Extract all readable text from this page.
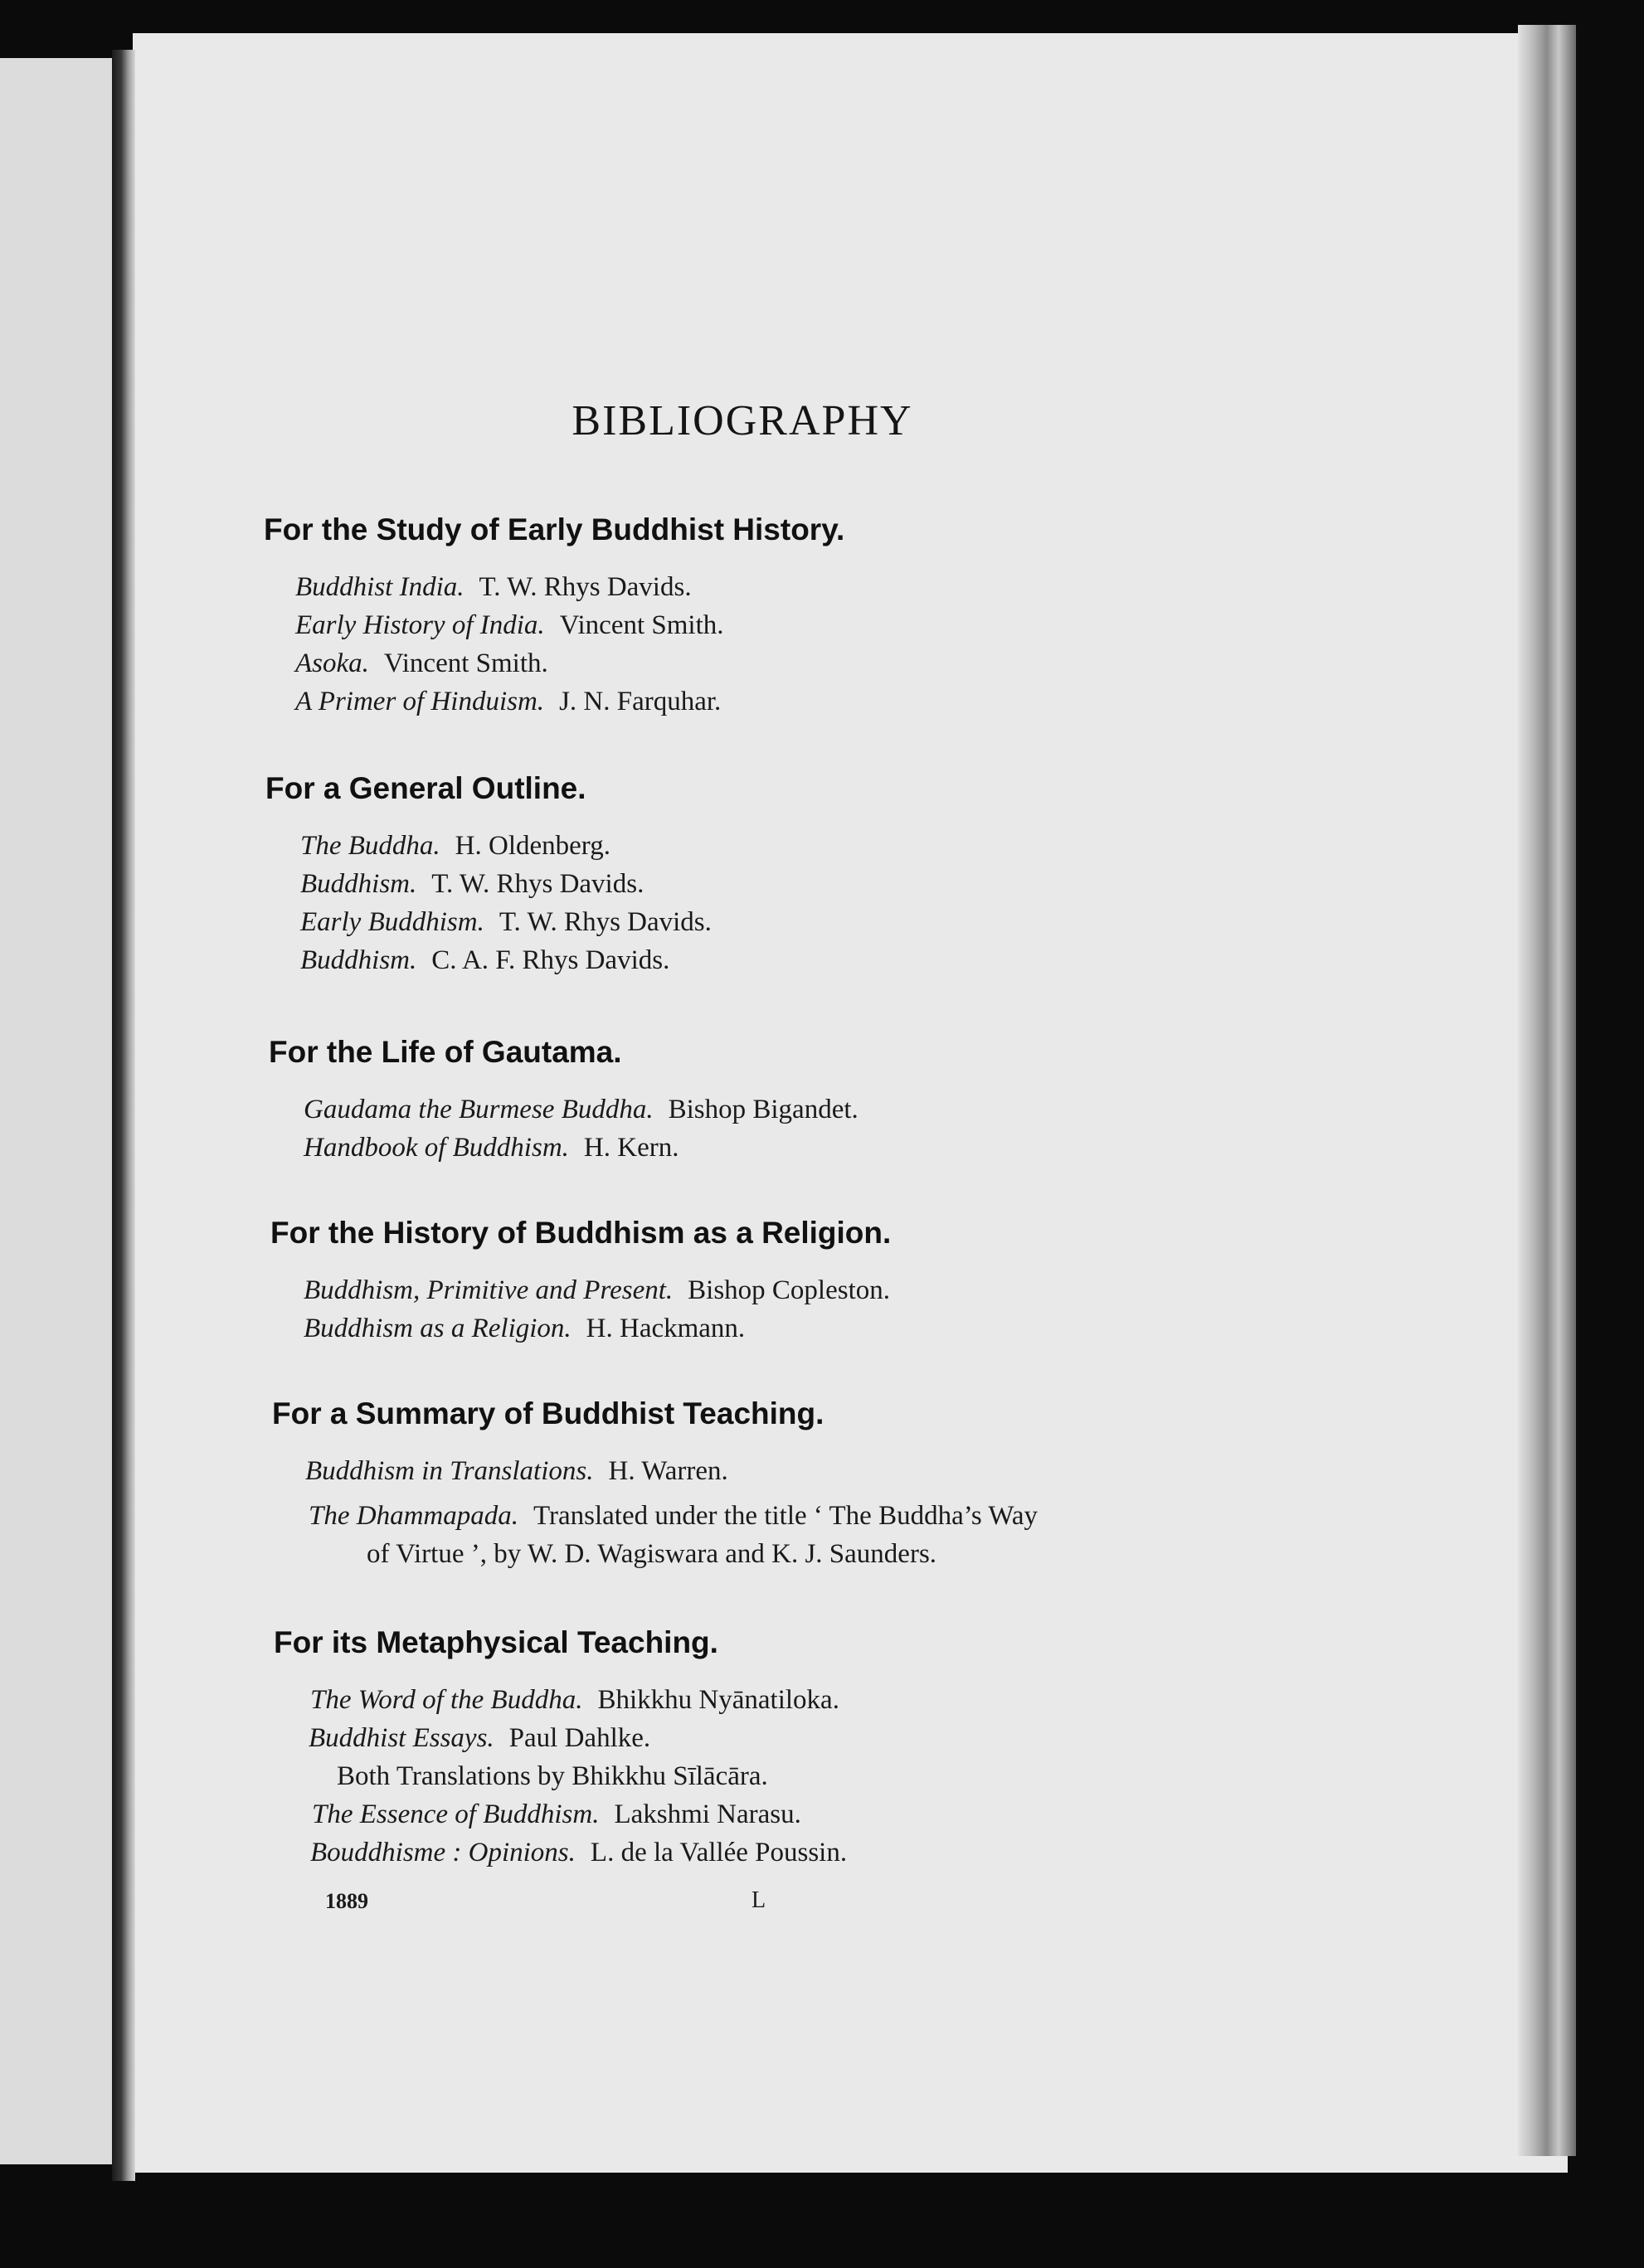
BIBLIOGRAPHY
For the Study of Early Buddhist History.
Buddhist India. T. W. Rhys Davids.
Early History of India. Vincent Smith.
Asoka. Vincent Smith.
A Primer of Hinduism. J. N. Farquhar.
For a General Outline.
The Buddha. H. Oldenberg.
Buddhism. T. W. Rhys Davids.
Early Buddhism. T. W. Rhys Davids.
Buddhism. C. A. F. Rhys Davids.
For the Life of Gautama.
Gaudama the Burmese Buddha. Bishop Bigandet.
Handbook of Buddhism. H. Kern.
For the History of Buddhism as a Religion.
Buddhism, Primitive and Present. Bishop Copleston.
Buddhism as a Religion. H. Hackmann.
For a Summary of Buddhist Teaching.
Buddhism in Translations. H. Warren.
The Dhammapada. Translated under the title ‘ The Buddha’s Way
of Virtue ’, by W. D. Wagiswara and K. J. Saunders.
For its Metaphysical Teaching.
The Word of the Buddha. Bhikkhu Nyānatiloka.
Buddhist Essays. Paul Dahlke.
Both Translations by Bhikkhu Sīlācāra.
The Essence of Buddhism. Lakshmi Narasu.
Bouddhisme : Opinions. L. de la Vallée Poussin.
1889	L
